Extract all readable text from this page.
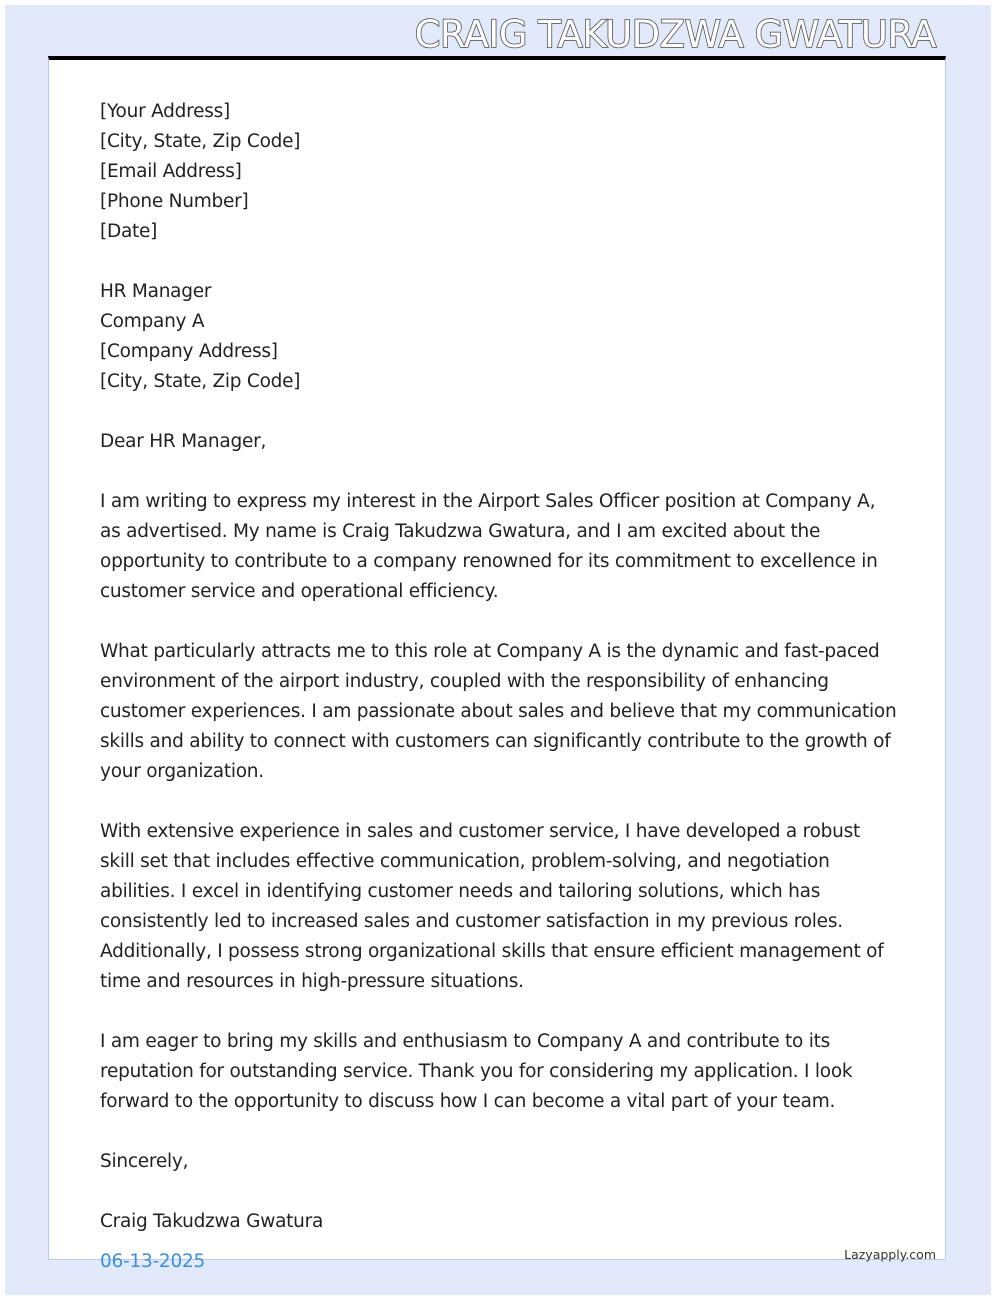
CRAIG TAKUDZWA GWATURA
[Your Address]
[City, State, Zip Code]
[Email Address]
[Phone Number]
[Date]
HR Manager
Company A
[Company Address]
[City, State, Zip Code]

Dear HR Manager,

I am writing to express my interest in the Airport Sales Officer position at Company A, as advertised. My name is Craig Takudzwa Gwatura, and I am excited about the opportunity to contribute to a company renowned for its commitment to excellence in customer service and operational efficiency.

What particularly attracts me to this role at Company A is the dynamic and fast-paced environment of the airport industry, coupled with the responsibility of enhancing customer experiences. I am passionate about sales and believe that my communication skills and ability to connect with customers can significantly contribute to the growth of your organization.

With extensive experience in sales and customer service, I have developed a robust skill set that includes effective communication, problem-solving, and negotiation abilities. I excel in identifying customer needs and tailoring solutions, which has consistently led to increased sales and customer satisfaction in my previous roles. Additionally, I possess strong organizational skills that ensure efficient management of time and resources in high-pressure situations.

I am eager to bring my skills and enthusiasm to Company A and contribute to its reputation for outstanding service. Thank you for considering my application. I look forward to the opportunity to discuss how I can become a vital part of your team.

Sincerely,

Craig Takudzwa Gwatura

06-13-2025	Lazyapply.com
